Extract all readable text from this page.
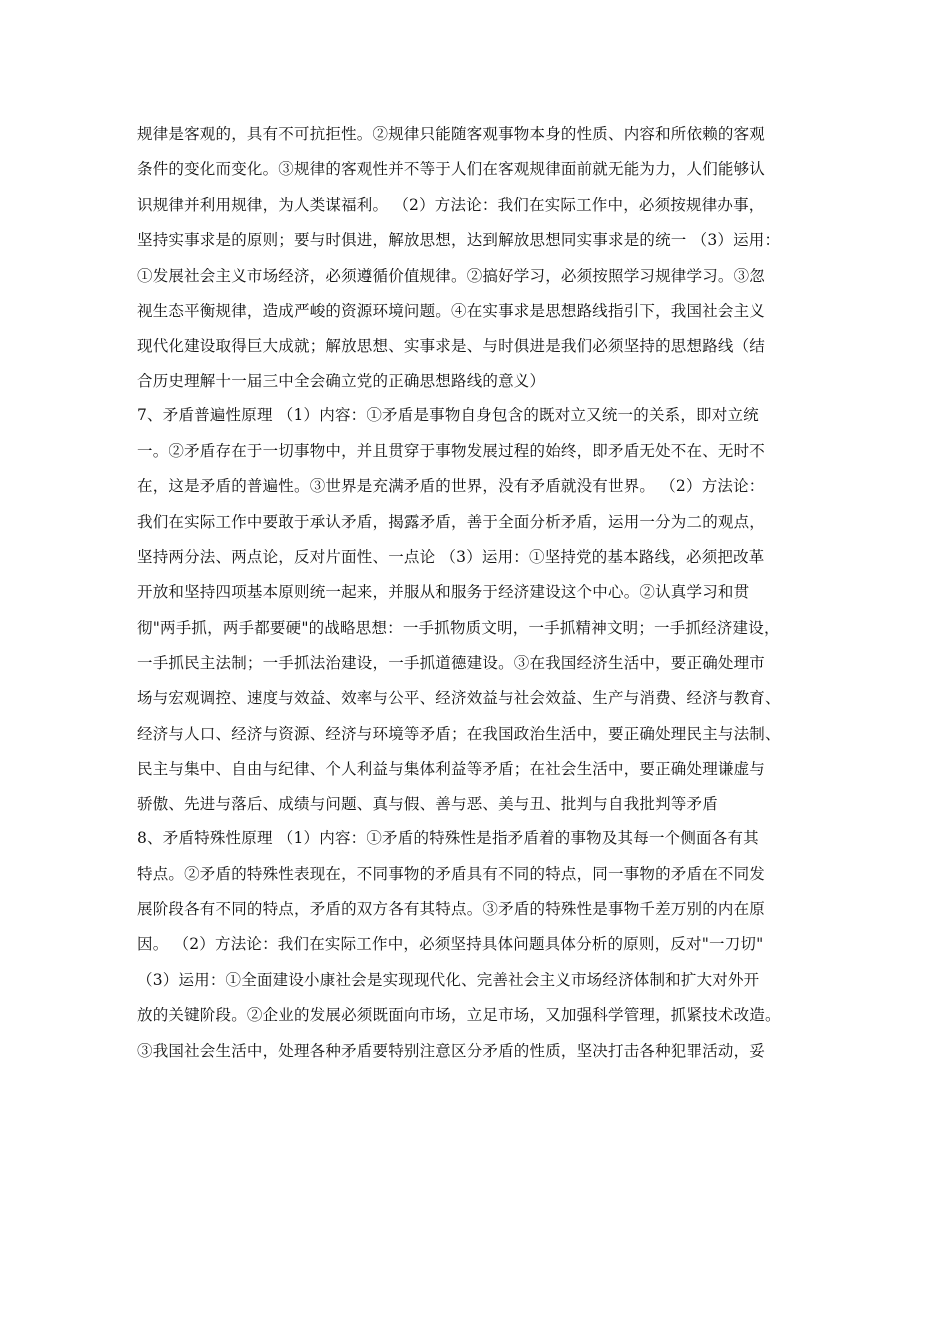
规律是客观的，具有不可抗拒性。②规律只能随客观事物本身的性质、内容和所依赖的客观
条件的变化而变化。③规律的客观性并不等于人们在客观规律面前就无能为力，人们能够认
识规律并利用规律，为人类谋福利。 （2）方法论：我们在实际工作中，必须按规律办事，
坚持实事求是的原则；要与时俱进，解放思想，达到解放思想同实事求是的统一 （3）运用：
①发展社会主义市场经济，必须遵循价值规律。②搞好学习，必须按照学习规律学习。③忽
视生态平衡规律，造成严峻的资源环境问题。④在实事求是思想路线指引下，我国社会主义
现代化建设取得巨大成就；解放思想、实事求是、与时俱进是我们必须坚持的思想路线（结
合历史理解十一届三中全会确立党的正确思想路线的意义）
7、矛盾普遍性原理 （1）内容：①矛盾是事物自身包含的既对立又统一的关系，即对立统
一。②矛盾存在于一切事物中，并且贯穿于事物发展过程的始终，即矛盾无处不在、无时不
在，这是矛盾的普遍性。③世界是充满矛盾的世界，没有矛盾就没有世界。 （2）方法论：
我们在实际工作中要敢于承认矛盾，揭露矛盾，善于全面分析矛盾，运用一分为二的观点，
坚持两分法、两点论，反对片面性、一点论 （3）运用：①坚持党的基本路线，必须把改革
开放和坚持四项基本原则统一起来，并服从和服务于经济建设这个中心。②认真学习和贯
彻"两手抓，两手都要硬"的战略思想：一手抓物质文明，一手抓精神文明；一手抓经济建设，
一手抓民主法制；一手抓法治建设，一手抓道德建设。③在我国经济生活中，要正确处理市
场与宏观调控、速度与效益、效率与公平、经济效益与社会效益、生产与消费、经济与教育、
经济与人口、经济与资源、经济与环境等矛盾；在我国政治生活中，要正确处理民主与法制、
民主与集中、自由与纪律、个人利益与集体利益等矛盾；在社会生活中，要正确处理谦虚与
骄傲、先进与落后、成绩与问题、真与假、善与恶、美与丑、批判与自我批判等矛盾
8、矛盾特殊性原理 （1）内容：①矛盾的特殊性是指矛盾着的事物及其每一个侧面各有其
特点。②矛盾的特殊性表现在，不同事物的矛盾具有不同的特点，同一事物的矛盾在不同发
展阶段各有不同的特点，矛盾的双方各有其特点。③矛盾的特殊性是事物千差万别的内在原
因。 （2）方法论：我们在实际工作中，必须坚持具体问题具体分析的原则，反对"一刀切"
（3）运用：①全面建设小康社会是实现现代化、完善社会主义市场经济体制和扩大对外开
放的关键阶段。②企业的发展必须既面向市场，立足市场，又加强科学管理，抓紧技术改造。
③我国社会生活中，处理各种矛盾要特别注意区分矛盾的性质，坚决打击各种犯罪活动，妥
